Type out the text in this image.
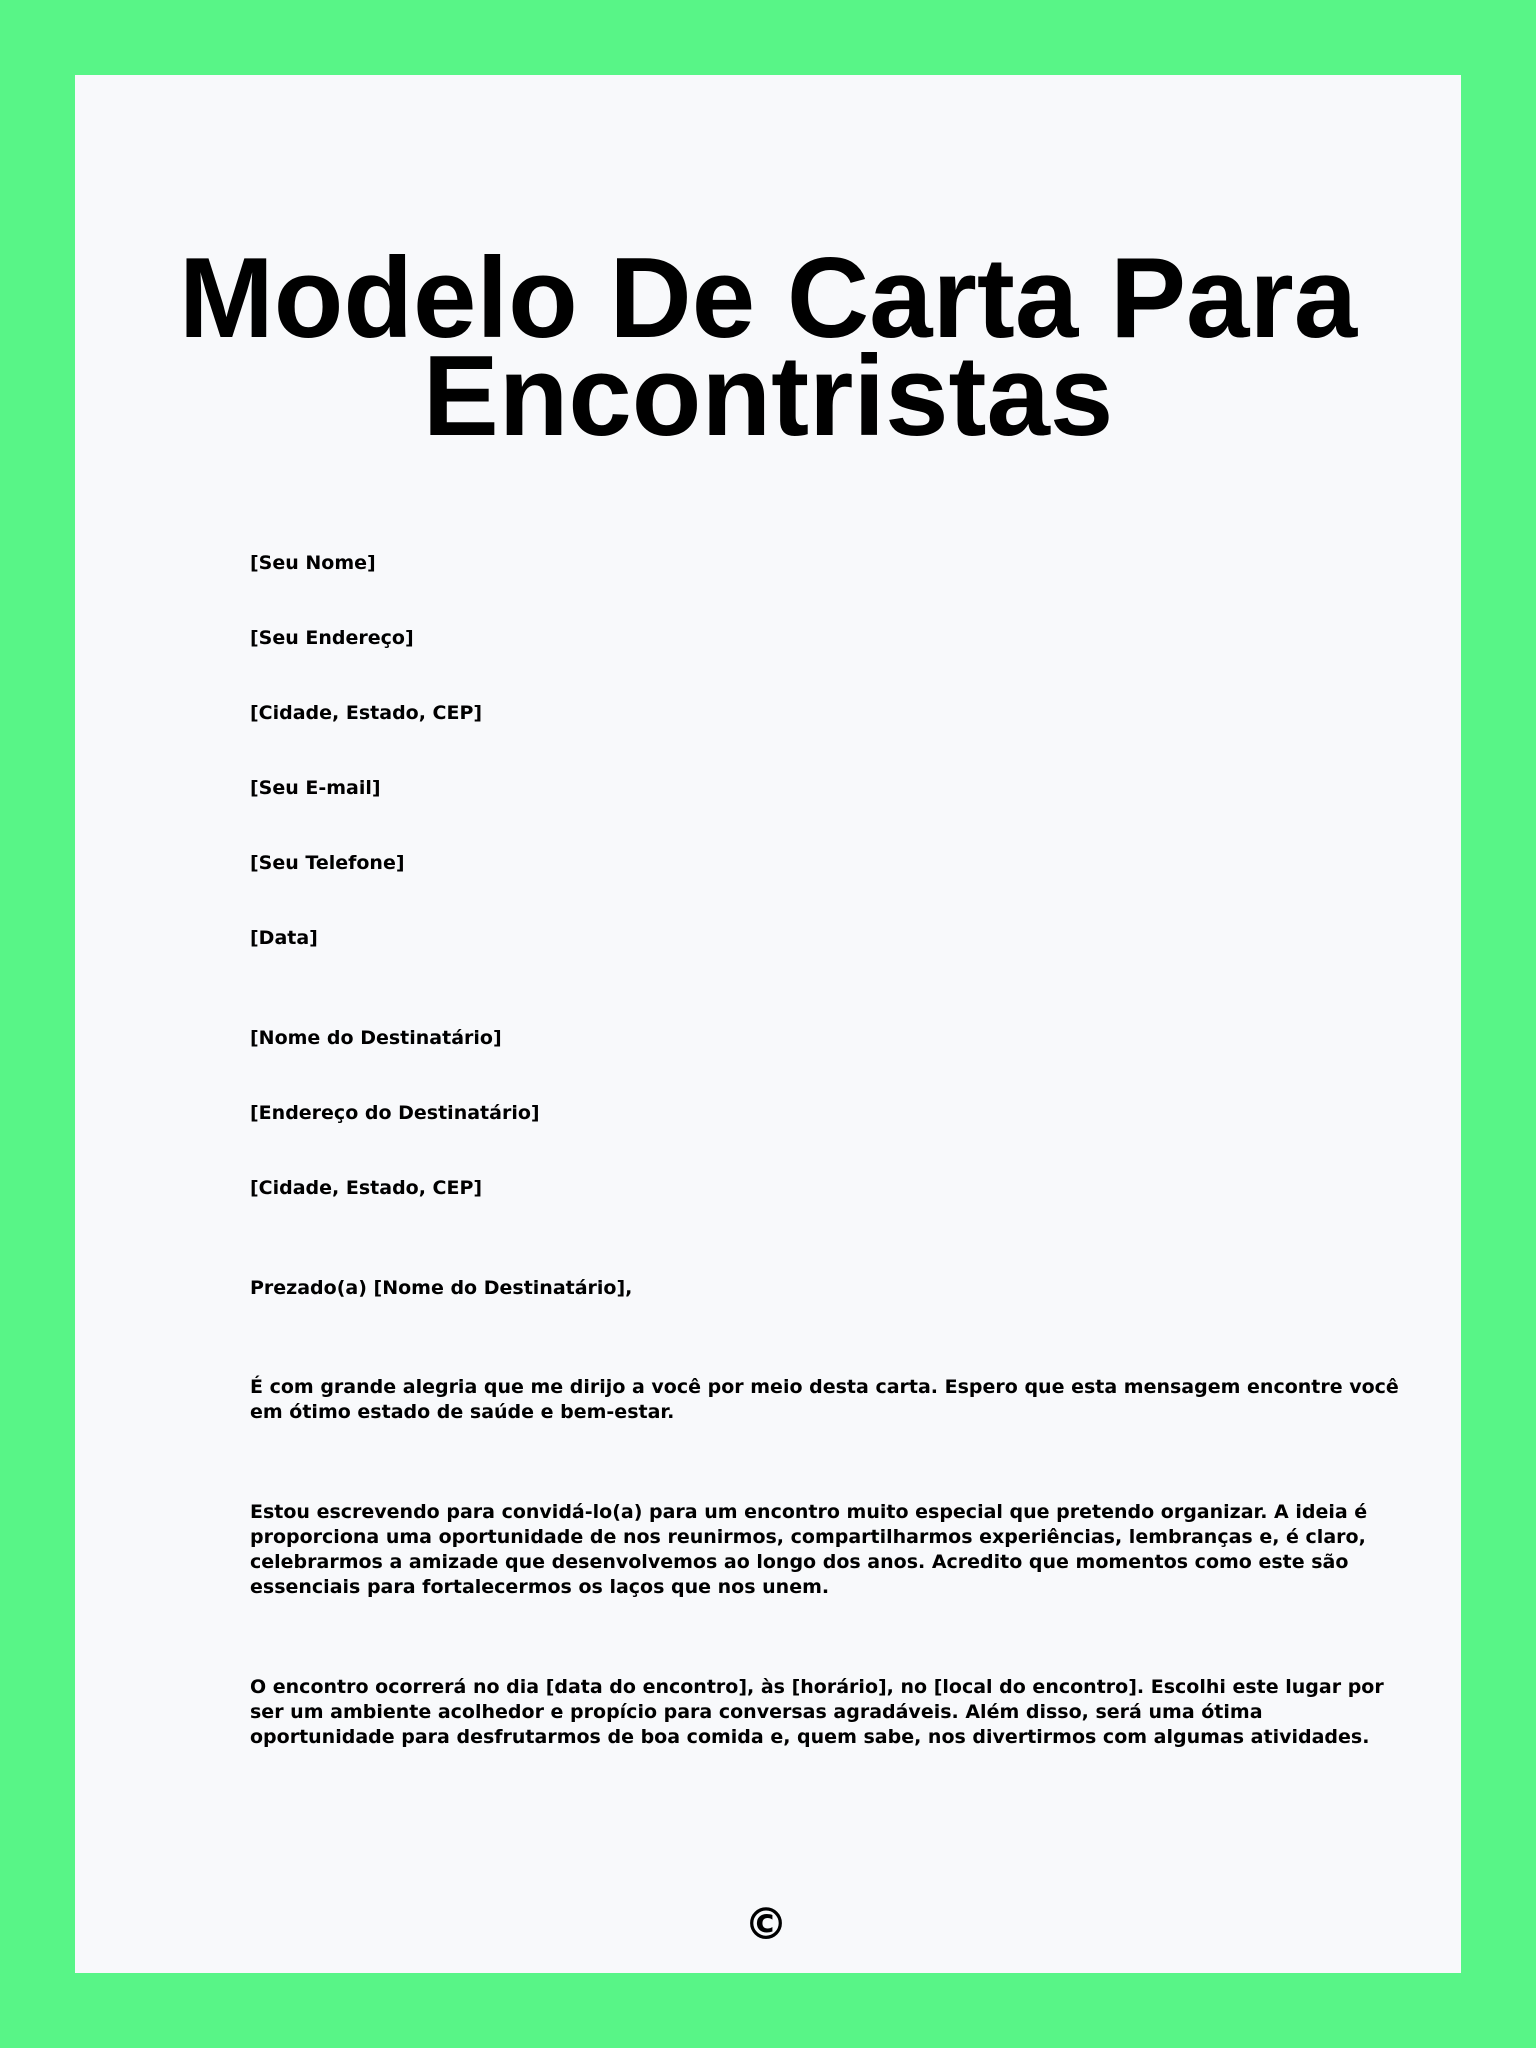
Modelo De Carta Para
Encontristas

[Seu Nome]

[Seu Endereço]

[Cidade, Estado, CEP]

[Seu E-mail]

[Seu Telefone]

[Data]

[Nome do Destinatário]

[Endereço do Destinatário]

[Cidade, Estado, CEP]

Prezado(a) [Nome do Destinatário],

É com grande alegria que me dirijo a você por meio desta carta. Espero que esta mensagem encontre você
em ótimo estado de saúde e bem-estar.

Estou escrevendo para convidá-lo(a) para um encontro muito especial que pretendo organizar. A ideia é
proporciona uma oportunidade de nos reunirmos, compartilharmos experiências, lembranças e, é claro,
celebrarmos a amizade que desenvolvemos ao longo dos anos. Acredito que momentos como este são
essenciais para fortalecermos os laços que nos unem.

O encontro ocorrerá no dia [data do encontro], às [horário], no [local do encontro]. Escolhi este lugar por
ser um ambiente acolhedor e propício para conversas agradáveis. Além disso, será uma ótima
oportunidade para desfrutarmos de boa comida e, quem sabe, nos divertirmos com algumas atividades.

©
